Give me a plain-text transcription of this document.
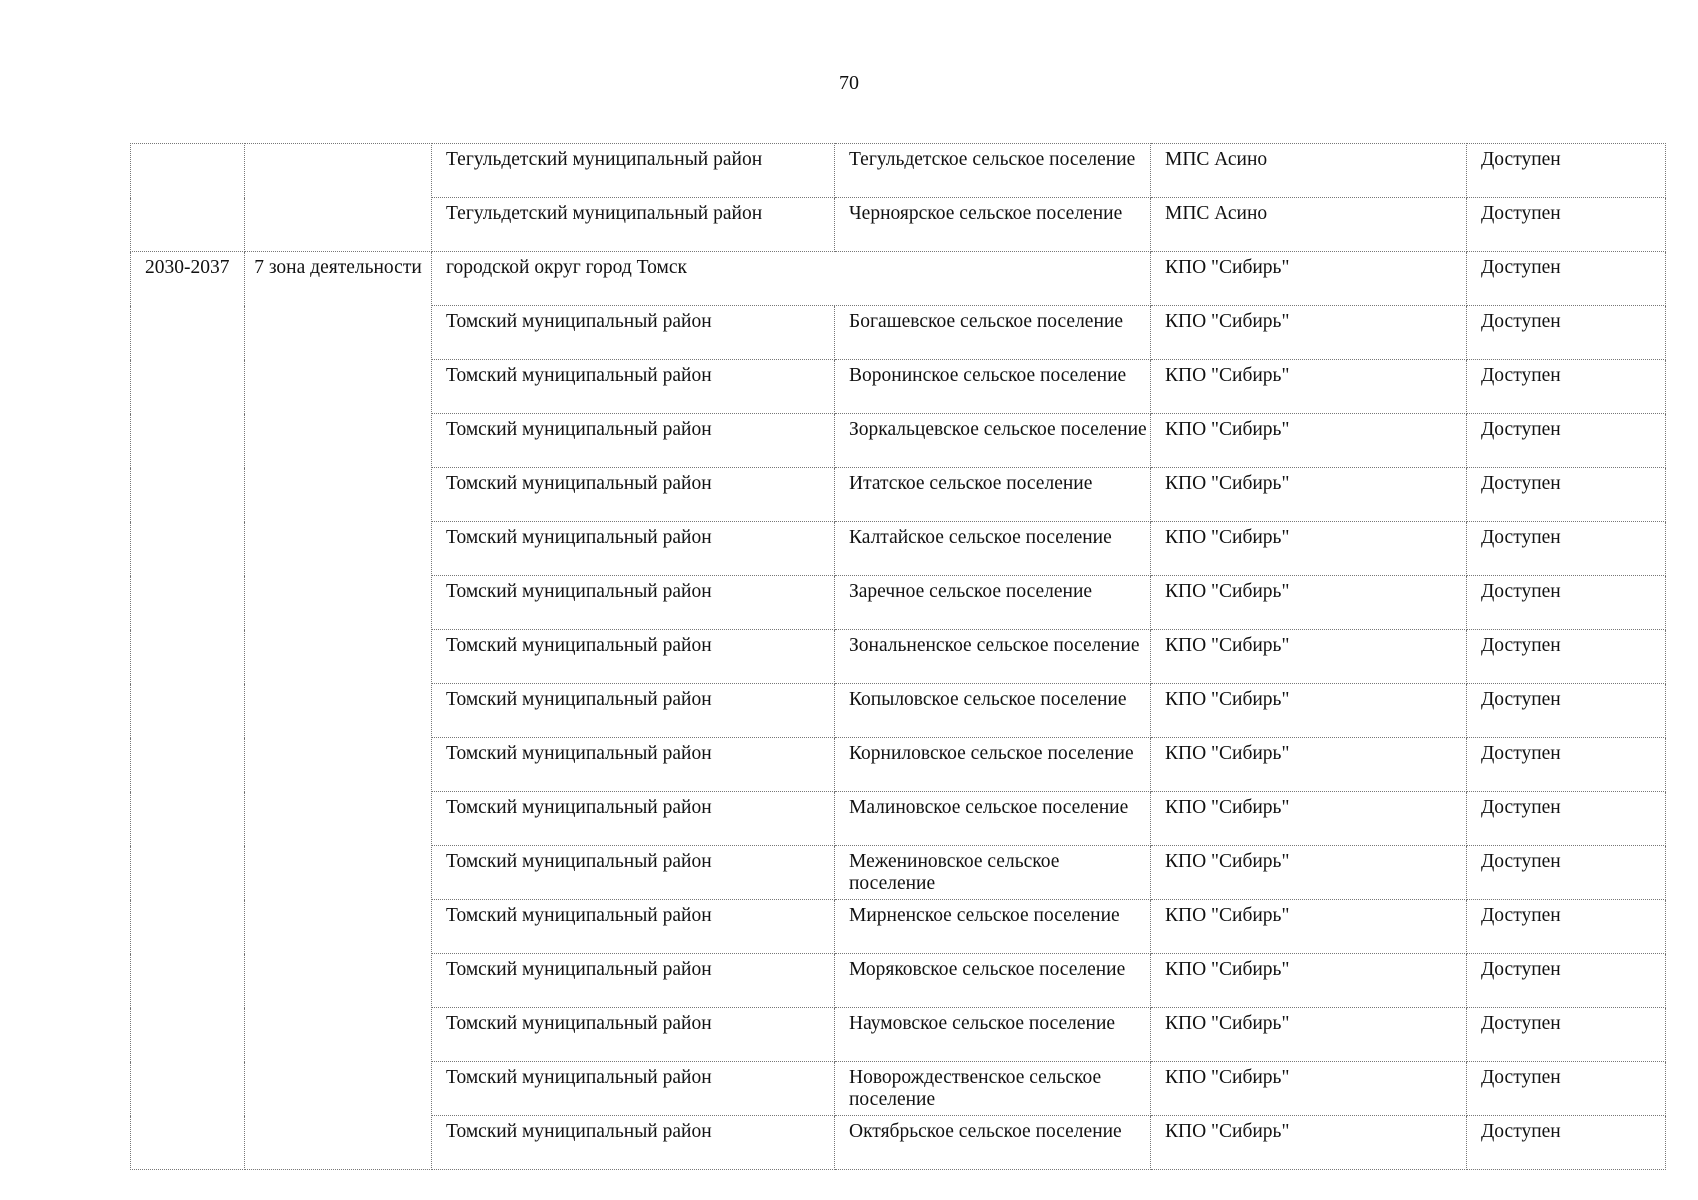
70
		Тегульдетский муниципальный район	Тегульдетское сельское поселение	МПС Асино	Доступен
		Тегульдетский муниципальный район	Черноярское сельское поселение	МПС Асино	Доступен
2030-2037	7 зона деятельности	городской округ город Томск		КПО "Сибирь"	Доступен
		Томский муниципальный район	Богашевское сельское поселение	КПО "Сибирь"	Доступен
		Томский муниципальный район	Воронинское сельское поселение	КПО "Сибирь"	Доступен
		Томский муниципальный район	Зоркальцевское сельское поселение	КПО "Сибирь"	Доступен
		Томский муниципальный район	Итатское сельское поселение	КПО "Сибирь"	Доступен
		Томский муниципальный район	Калтайское сельское поселение	КПО "Сибирь"	Доступен
		Томский муниципальный район	Заречное сельское поселение	КПО "Сибирь"	Доступен
		Томский муниципальный район	Зональненское сельское поселение	КПО "Сибирь"	Доступен
		Томский муниципальный район	Копыловское сельское поселение	КПО "Сибирь"	Доступен
		Томский муниципальный район	Корниловское сельское поселение	КПО "Сибирь"	Доступен
		Томский муниципальный район	Малиновское сельское поселение	КПО "Сибирь"	Доступен
		Томский муниципальный район	Межениновское сельское поселение	КПО "Сибирь"	Доступен
		Томский муниципальный район	Мирненское сельское поселение	КПО "Сибирь"	Доступен
		Томский муниципальный район	Моряковское сельское поселение	КПО "Сибирь"	Доступен
		Томский муниципальный район	Наумовское сельское поселение	КПО "Сибирь"	Доступен
		Томский муниципальный район	Новорождественское сельское поселение	КПО "Сибирь"	Доступен
		Томский муниципальный район	Октябрьское сельское поселение	КПО "Сибирь"	Доступен
